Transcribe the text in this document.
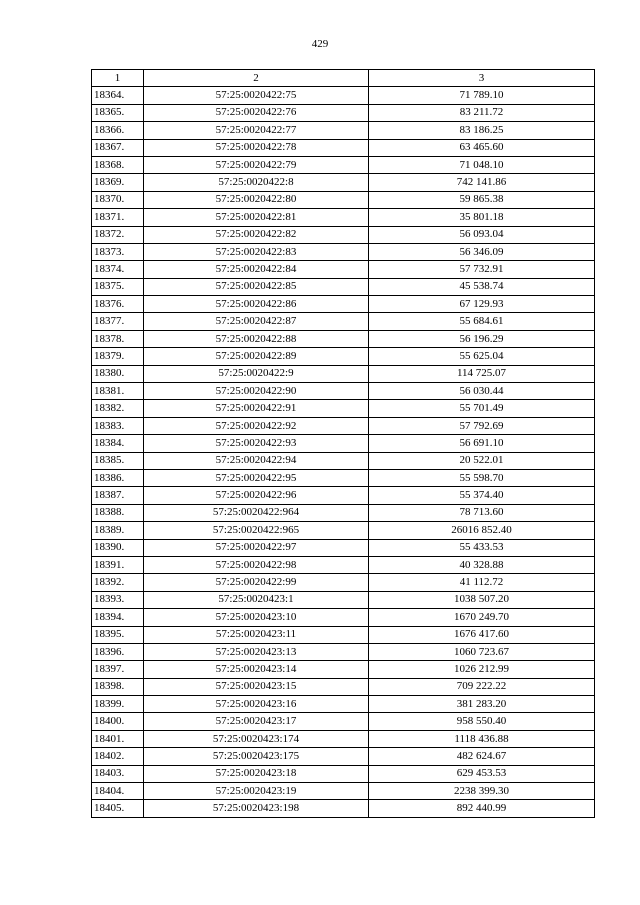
429
1	2	3
18364.	57:25:0020422:75	71 789.10
18365.	57:25:0020422:76	83 211.72
18366.	57:25:0020422:77	83 186.25
18367.	57:25:0020422:78	63 465.60
18368.	57:25:0020422:79	71 048.10
18369.	57:25:0020422:8	742 141.86
18370.	57:25:0020422:80	59 865.38
18371.	57:25:0020422:81	35 801.18
18372.	57:25:0020422:82	56 093.04
18373.	57:25:0020422:83	56 346.09
18374.	57:25:0020422:84	57 732.91
18375.	57:25:0020422:85	45 538.74
18376.	57:25:0020422:86	67 129.93
18377.	57:25:0020422:87	55 684.61
18378.	57:25:0020422:88	56 196.29
18379.	57:25:0020422:89	55 625.04
18380.	57:25:0020422:9	114 725.07
18381.	57:25:0020422:90	56 030.44
18382.	57:25:0020422:91	55 701.49
18383.	57:25:0020422:92	57 792.69
18384.	57:25:0020422:93	56 691.10
18385.	57:25:0020422:94	20 522.01
18386.	57:25:0020422:95	55 598.70
18387.	57:25:0020422:96	55 374.40
18388.	57:25:0020422:964	78 713.60
18389.	57:25:0020422:965	26016 852.40
18390.	57:25:0020422:97	55 433.53
18391.	57:25:0020422:98	40 328.88
18392.	57:25:0020422:99	41 112.72
18393.	57:25:0020423:1	1038 507.20
18394.	57:25:0020423:10	1670 249.70
18395.	57:25:0020423:11	1676 417.60
18396.	57:25:0020423:13	1060 723.67
18397.	57:25:0020423:14	1026 212.99
18398.	57:25:0020423:15	709 222.22
18399.	57:25:0020423:16	381 283.20
18400.	57:25:0020423:17	958 550.40
18401.	57:25:0020423:174	1118 436.88
18402.	57:25:0020423:175	482 624.67
18403.	57:25:0020423:18	629 453.53
18404.	57:25:0020423:19	2238 399.30
18405.	57:25:0020423:198	892 440.99
